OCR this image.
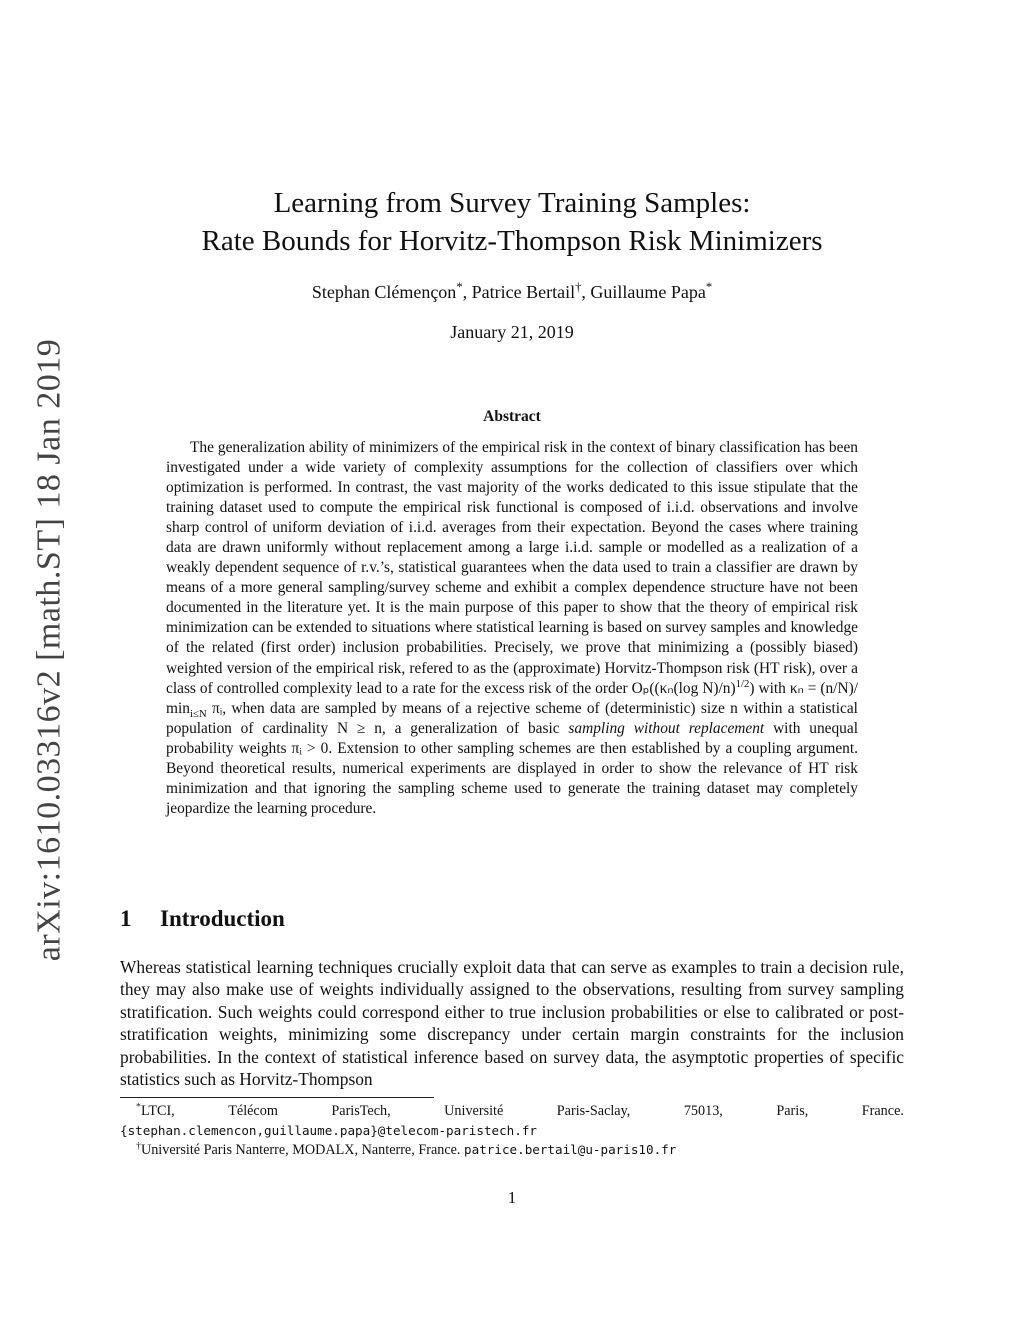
arXiv:1610.03316v2 [math.ST] 18 Jan 2019
Learning from Survey Training Samples:
Rate Bounds for Horvitz-Thompson Risk Minimizers
Stephan Clémençon*, Patrice Bertail†, Guillaume Papa*
January 21, 2019
Abstract

The generalization ability of minimizers of the empirical risk in the context of binary classification has been investigated under a wide variety of complexity assumptions for the collection of classifiers over which optimization is performed. In contrast, the vast majority of the works dedicated to this issue stipulate that the training dataset used to compute the empirical risk functional is composed of i.i.d. observations and involve sharp control of uniform deviation of i.i.d. averages from their expectation. Beyond the cases where training data are drawn uniformly without replacement among a large i.i.d. sample or modelled as a realization of a weakly dependent sequence of r.v.’s, statistical guarantees when the data used to train a classifier are drawn by means of a more general sampling/survey scheme and exhibit a complex dependence structure have not been documented in the literature yet. It is the main purpose of this paper to show that the theory of empirical risk minimization can be extended to situations where statistical learning is based on survey samples and knowledge of the related (first order) inclusion probabilities. Precisely, we prove that minimizing a (possibly biased) weighted version of the empirical risk, refered to as the (approximate) Horvitz-Thompson risk (HT risk), over a class of controlled complexity lead to a rate for the excess risk of the order Oₚ((κₙ(log N)/n)$^{1/2}$) with κₙ = (n/N)/ $\min_{i\le N}$ πᵢ, when data are sampled by means of a rejective scheme of (deterministic) size n within a statistical population of cardinality N ≥ n, a generalization of basic sampling without replacement with unequal probability weights πᵢ > 0. Extension to other sampling schemes are then established by a coupling argument. Beyond theoretical results, numerical experiments are displayed in order to show the relevance of HT risk minimization and that ignoring the sampling scheme used to generate the training dataset may completely jeopardize the learning procedure.

1 Introduction

Whereas statistical learning techniques crucially exploit data that can serve as examples to train a decision rule, they may also make use of weights individually assigned to the observations, resulting from survey sampling stratification. Such weights could correspond either to true inclusion probabilities or else to calibrated or post-stratification weights, minimizing some discrepancy under certain margin constraints for the inclusion probabilities. In the context of statistical inference based on survey data, the asymptotic properties of specific statistics such as Horvitz-Thompson

*LTCI,	Télécom	ParisTech,	Université	Paris-Saclay,	75013,	Paris,	France.
{stephan.clemencon,guillaume.papa}@telecom-paristech.fr
†Université Paris Nanterre, MODALX, Nanterre, France. patrice.bertail@u-paris10.fr
1
